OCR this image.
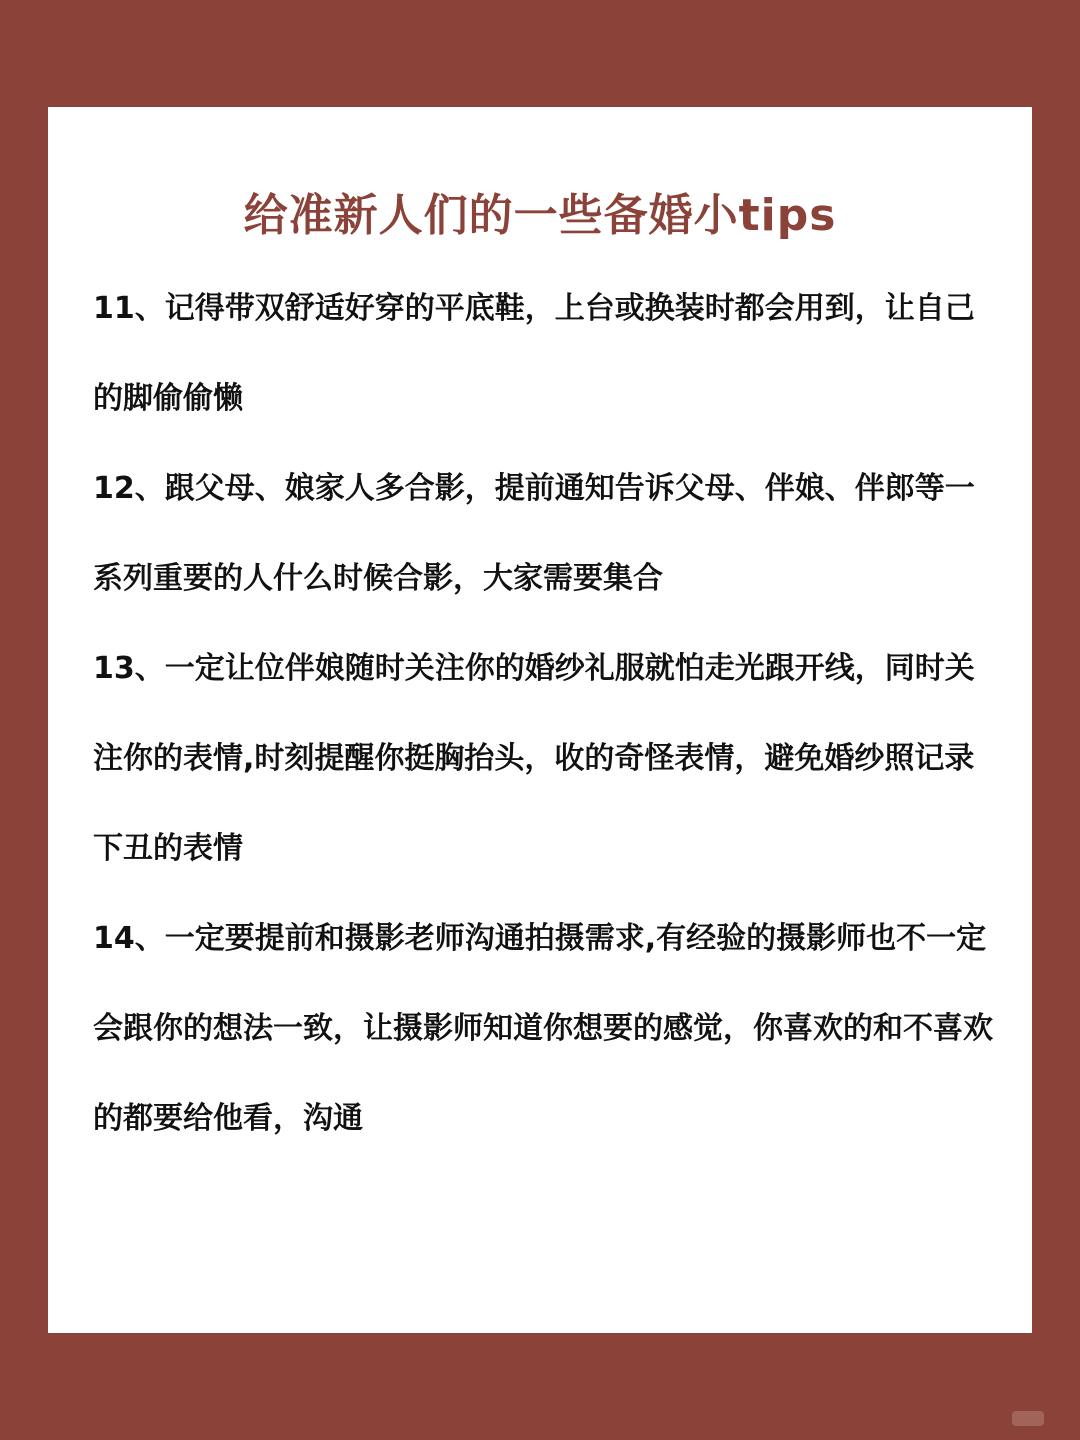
给准新人们的一些备婚小tips

11、记得带双舒适好穿的平底鞋，上台或换装时都会用到，让自己的脚偷偷懒

12、跟父母、娘家人多合影，提前通知告诉父母、伴娘、伴郎等一系列重要的人什么时候合影，大家需要集合

13、一定让位伴娘随时关注你的婚纱礼服就怕走光跟开线，同时关注你的表情,时刻提醒你挺胸抬头，收的奇怪表情，避免婚纱照记录下丑的表情

14、一定要提前和摄影老师沟通拍摄需求,有经验的摄影师也不一定会跟你的想法一致，让摄影师知道你想要的感觉，你喜欢的和不喜欢的都要给他看，沟通
